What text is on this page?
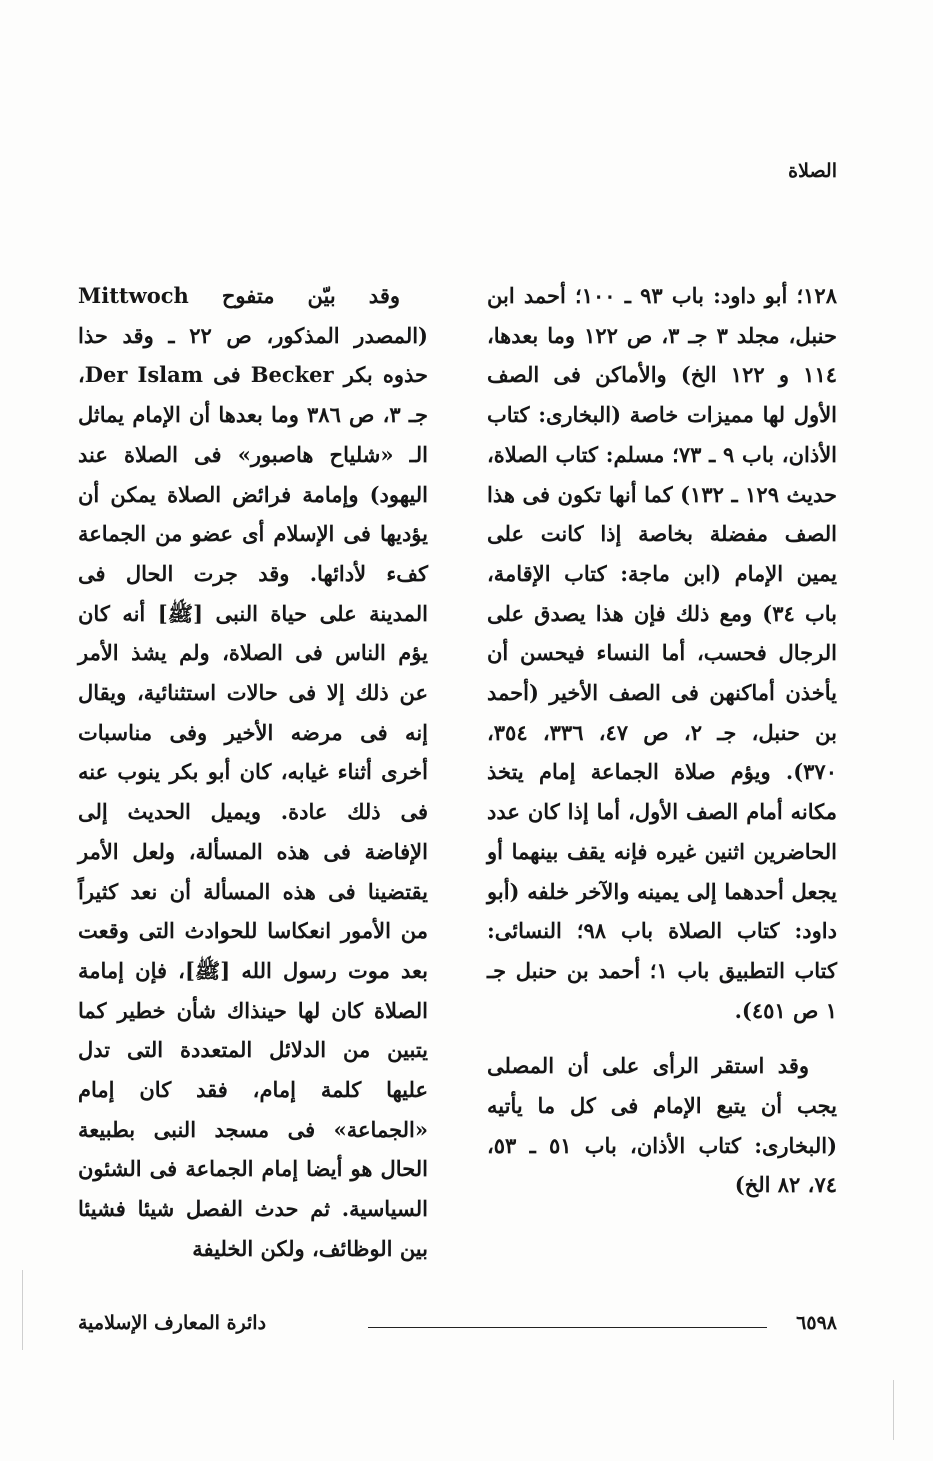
الصلاة

١٢٨؛ أبو داود: باب ٩٣ ـ ١٠٠؛ أحمد ابن حنبل، مجلد ٣ جـ ٣، ص ١٢٢ وما بعدها، ١١٤ و ١٢٢ الخ) والأماكن فى الصف الأول لها مميزات خاصة (البخارى: كتاب الأذان، باب ٩ ـ ٧٣؛ مسلم: كتاب الصلاة، حديث ١٢٩ ـ ١٣٢) كما أنها تكون فى هذا الصف مفضلة بخاصة إذا كانت على يمين الإمام (ابن ماجة: كتاب الإقامة، باب ٣٤) ومع ذلك فإن هذا يصدق على الرجال فحسب، أما النساء فيحسن أن يأخذن أماكنهن فى الصف الأخير (أحمد بن حنبل، جـ ٢، ص ٤٧، ٣٣٦، ٣٥٤، ٣٧٠). ويؤم صلاة الجماعة إمام يتخذ مكانه أمام الصف الأول، أما إذا كان عدد الحاضرين اثنين غيره فإنه يقف بينهما أو يجعل أحدهما إلى يمينه والآخر خلفه (أبو داود: كتاب الصلاة باب ٩٨؛ النسائى: كتاب التطبيق باب ١؛ أحمد بن حنبل جـ ١ ص ٤٥١).

وقد استقر الرأى على أن المصلى يجب أن يتبع الإمام فى كل ما يأتيه (البخارى: كتاب الأذان، باب ٥١ ـ ٥٣، ٧٤، ٨٢ الخ)

وقد بيّن متفوح Mittwoch (المصدر المذكور، ص ٢٢ ـ وقد حذا حذوه بكر Becker فى Der Islam، جـ ٣، ص ٣٨٦ وما بعدها أن الإمام يماثل الـ «شلياح هاصبور» فى الصلاة عند اليهود) وإمامة فرائض الصلاة يمكن أن يؤديها فى الإسلام أى عضو من الجماعة كفء لأدائها. وقد جرت الحال فى المدينة على حياة النبى [ﷺ] أنه كان يؤم الناس فى الصلاة، ولم يشذ الأمر عن ذلك إلا فى حالات استثنائية، ويقال إنه فى مرضه الأخير وفى مناسبات أخرى أثناء غيابه، كان أبو بكر ينوب عنه فى ذلك عادة. ويميل الحديث إلى الإفاضة فى هذه المسألة، ولعل الأمر يقتضينا فى هذه المسألة أن نعد كثيراً من الأمور انعكاسا للحوادث التى وقعت بعد موت رسول الله [ﷺ]، فإن إمامة الصلاة كان لها حينذاك شأن خطير كما يتبين من الدلائل المتعددة التى تدل عليها كلمة إمام، فقد كان إمام «الجماعة» فى مسجد النبى بطبيعة الحال هو أيضا إمام الجماعة فى الشئون السياسية. ثم حدث الفصل شيئا فشيئا بين الوظائف، ولكن الخليفة

٦٥٩٨
دائرة المعارف الإسلامية
